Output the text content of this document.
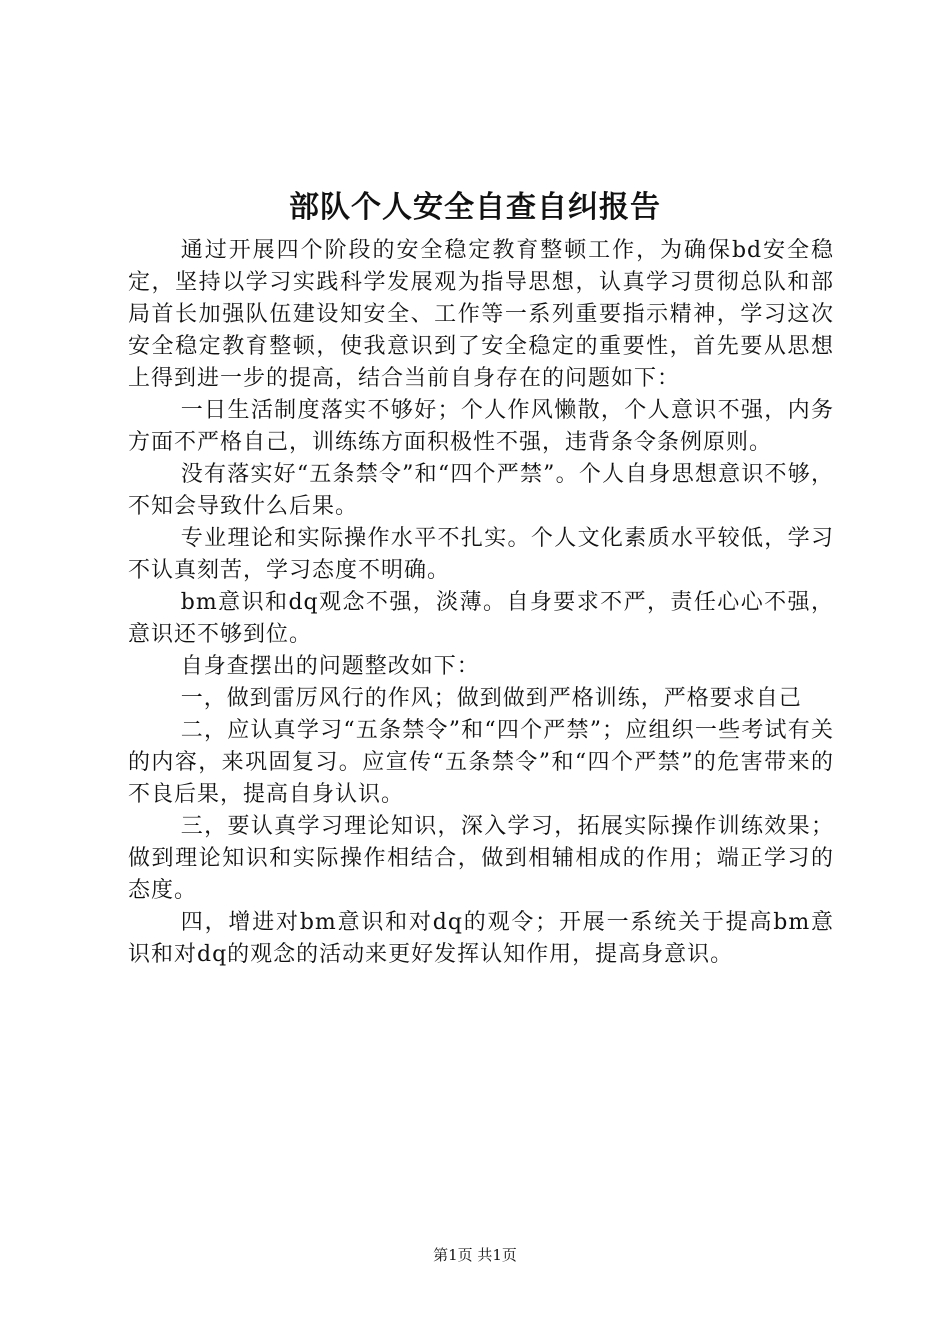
部队个人安全自查自纠报告

通过开展四个阶段的安全稳定教育整顿工作，为确保bd安全稳定，坚持以学习实践科学发展观为指导思想，认真学习贯彻总队和部局首长加强队伍建设知安全、工作等一系列重要指示精神，学习这次安全稳定教育整顿，使我意识到了安全稳定的重要性，首先要从思想上得到进一步的提高，结合当前自身存在的问题如下：

一日生活制度落实不够好；个人作风懒散，个人意识不强，内务方面不严格自己，训练练方面积极性不强，违背条令条例原则。

没有落实好“五条禁令”和“四个严禁”。个人自身思想意识不够，不知会导致什么后果。

专业理论和实际操作水平不扎实。个人文化素质水平较低，学习不认真刻苦，学习态度不明确。

bm意识和dq观念不强，淡薄。自身要求不严，责任心心不强，意识还不够到位。

自身查摆出的问题整改如下：

一，做到雷厉风行的作风；做到做到严格训练，严格要求自己

二，应认真学习“五条禁令”和“四个严禁”；应组织一些考试有关的内容，来巩固复习。应宣传“五条禁令”和“四个严禁”的危害带来的不良后果，提高自身认识。

三，要认真学习理论知识，深入学习，拓展实际操作训练效果；做到理论知识和实际操作相结合，做到相辅相成的作用；端正学习的态度。

四，增进对bm意识和对dq的观令；开展一系统关于提高bm意识和对dq的观念的活动来更好发挥认知作用，提高身意识。

第1页 共1页
